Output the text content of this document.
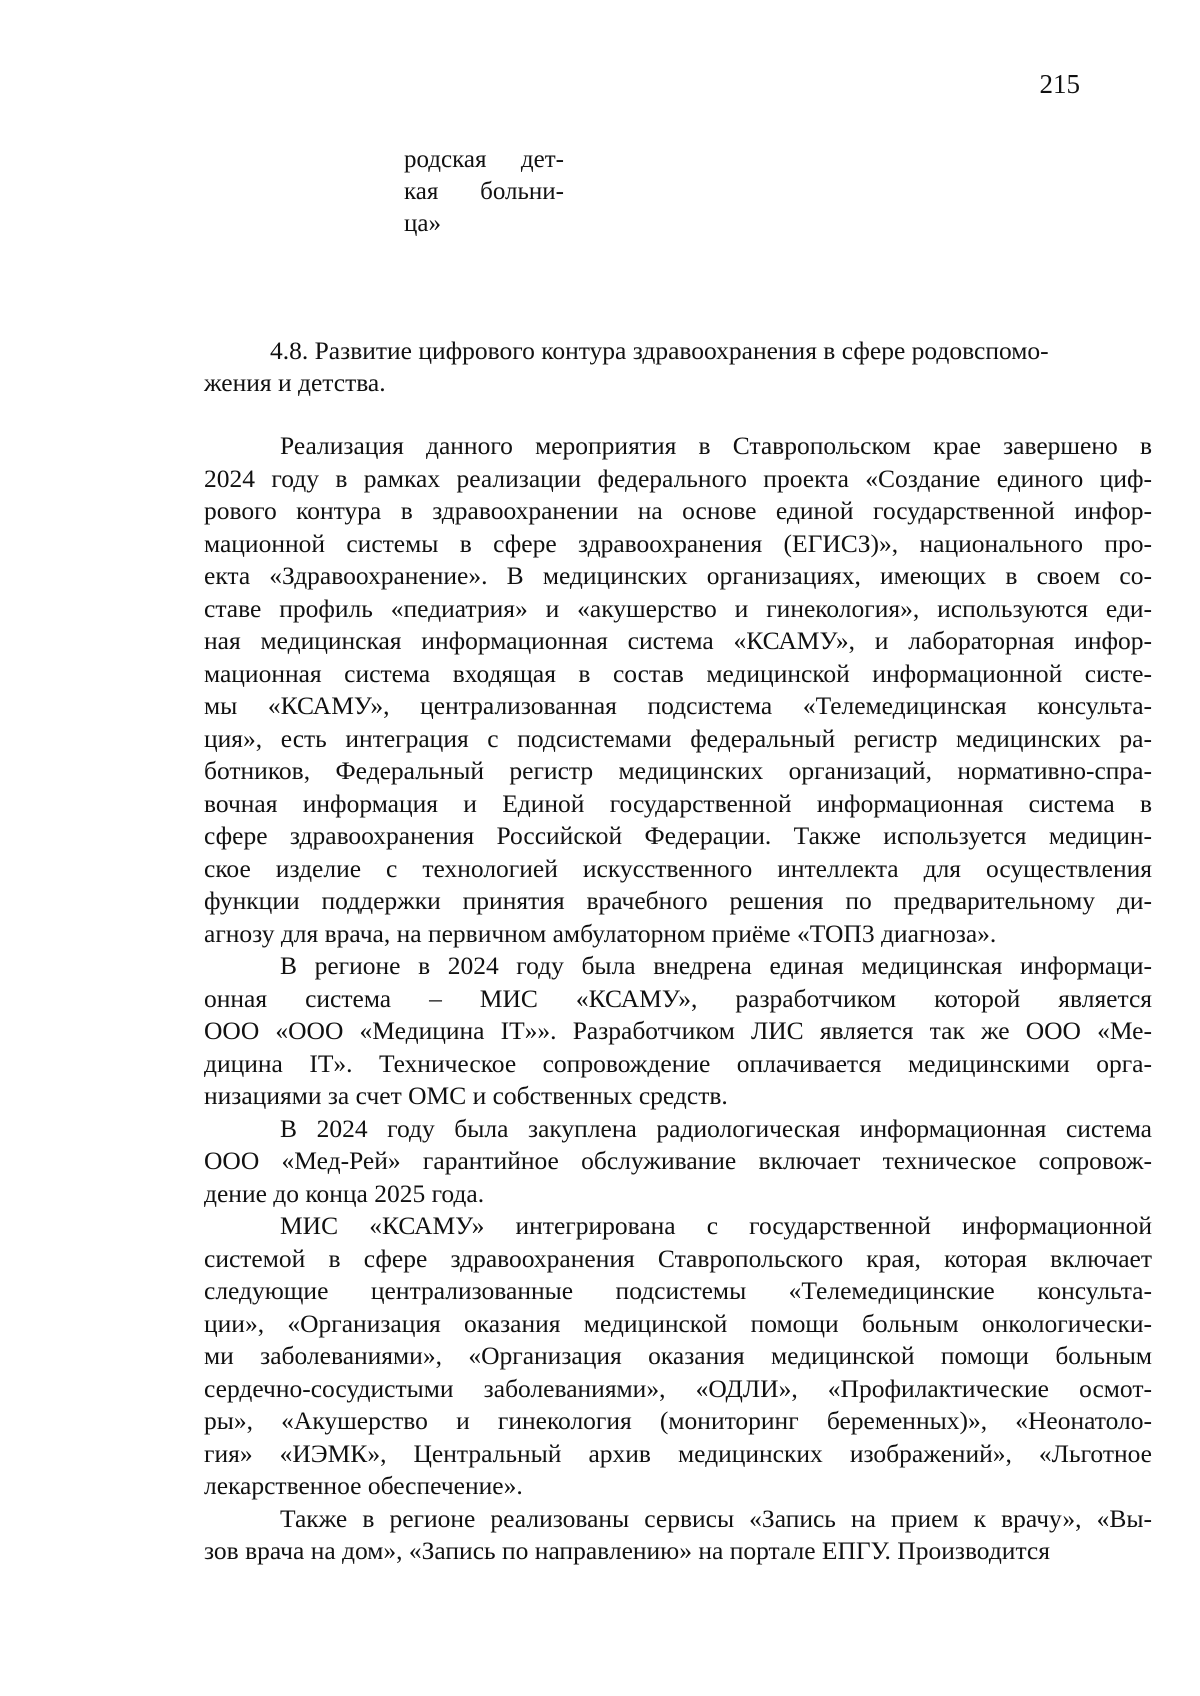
215
родская дет-
кая больни-
ца»
4.8. Развитие цифрового контура здравоохранения в сфере родовспомо-
жения и детства.
Реализация данного мероприятия в Ставропольском крае завершено в
2024 году в рамках реализации федерального проекта «Создание единого циф-
рового контура в здравоохранении на основе единой государственной инфор-
мационной системы в сфере здравоохранения (ЕГИСЗ)», национального про-
екта «Здравоохранение». В медицинских организациях, имеющих в своем со-
ставе профиль «педиатрия» и «акушерство и гинекология», используются еди-
ная медицинская информационная система «КСАМУ», и лабораторная инфор-
мационная система входящая в состав медицинской информационной систе-
мы «КСАМУ», централизованная подсистема «Телемедицинская консульта-
ция», есть интеграция с подсистемами федеральный регистр медицинских ра-
ботников, Федеральный регистр медицинских организаций, нормативно-спра-
вочная информация и Единой государственной информационная система в
сфере здравоохранения Российской Федерации. Также используется медицин-
ское изделие с технологией искусственного интеллекта для осуществления
функции поддержки принятия врачебного решения по предварительному ди-
агнозу для врача, на первичном амбулаторном приёме «ТОП3 диагноза».
В регионе в 2024 году была внедрена единая медицинская информаци-
онная система – МИС «КСАМУ», разработчиком которой является
ООО «ООО «Медицина IT»». Разработчиком ЛИС является так же ООО «Ме-
дицина IT». Техническое сопровождение оплачивается медицинскими орга-
низациями за счет ОМС и собственных средств.
В 2024 году была закуплена радиологическая информационная система
ООО «Мед-Рей» гарантийное обслуживание включает техническое сопровож-
дение до конца 2025 года.
МИС «КСАМУ» интегрирована с государственной информационной
системой в сфере здравоохранения Ставропольского края, которая включает
следующие централизованные подсистемы «Телемедицинские консульта-
ции», «Организация оказания медицинской помощи больным онкологически-
ми заболеваниями», «Организация оказания медицинской помощи больным
сердечно-сосудистыми заболеваниями», «ОДЛИ», «Профилактические осмот-
ры», «Акушерство и гинекология (мониторинг беременных)», «Неонатоло-
гия» «ИЭМК», Центральный архив медицинских изображений», «Льготное
лекарственное обеспечение».
Также в регионе реализованы сервисы «Запись на прием к врачу», «Вы-
зов врача на дом», «Запись по направлению» на портале ЕПГУ. Производится
